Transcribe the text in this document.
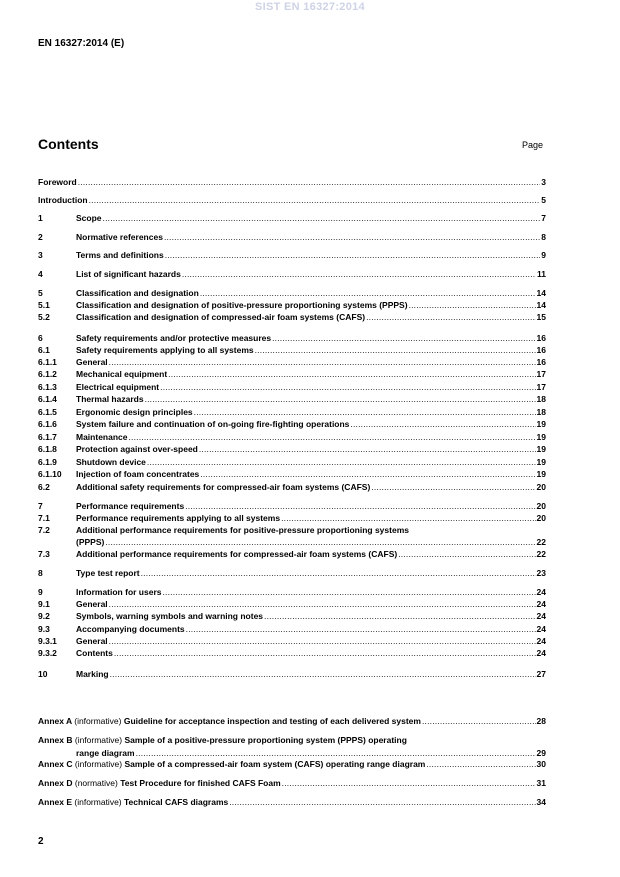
SIST EN 16327:2014
EN 16327:2014 (E)
Contents	Page
Foreword .....	3
Introduction .....	5
1	Scope .....	7
2	Normative references .....	8
3	Terms and definitions .....	9
4	List of significant hazards .....	11
5	Classification and designation .....	14
5.1	Classification and designation of positive-pressure proportioning systems (PPPS) .....	14
5.2	Classification and designation of compressed-air foam systems (CAFS) .....	15
6	Safety requirements and/or protective measures .....	16
6.1	Safety requirements applying to all systems .....	16
6.1.1 General .....	16
6.1.2 Mechanical equipment .....	17
6.1.3 Electrical equipment .....	17
6.1.4 Thermal hazards .....	18
6.1.5 Ergonomic design principles .....	18
6.1.6 System failure and continuation of on-going fire-fighting operations .....	19
6.1.7 Maintenance .....	19
6.1.8 Protection against over-speed .....	19
6.1.9 Shutdown device .....	19
6.1.10 Injection of foam concentrates .....	19
6.2	Additional safety requirements for compressed-air foam systems (CAFS) .....	20
7	Performance requirements .....	20
7.1	Performance requirements applying to all systems .....	20
7.2	Additional performance requirements for positive-pressure proportioning systems
(PPPS) .....	22
7.3	Additional performance requirements for compressed-air foam systems (CAFS) .....	22
8	Type test report .....	23
9	Information for users .....	24
9.1	General .....	24
9.2	Symbols, warning symbols and warning notes .....	24
9.3	Accompanying documents .....	24
9.3.1 General .....	24
9.3.2 Contents .....	24
10	Marking .....	27
Annex A (informative) Guideline for acceptance inspection and testing of each delivered system .....	28
Annex B (informative) Sample of a positive-pressure proportioning system (PPPS) operating
range diagram .....	29
Annex C (informative) Sample of a compressed-air foam system (CAFS) operating range diagram .....	30
Annex D (normative) Test Procedure for finished CAFS Foam .....	31
Annex E (informative) Technical CAFS diagrams .....	34
2
